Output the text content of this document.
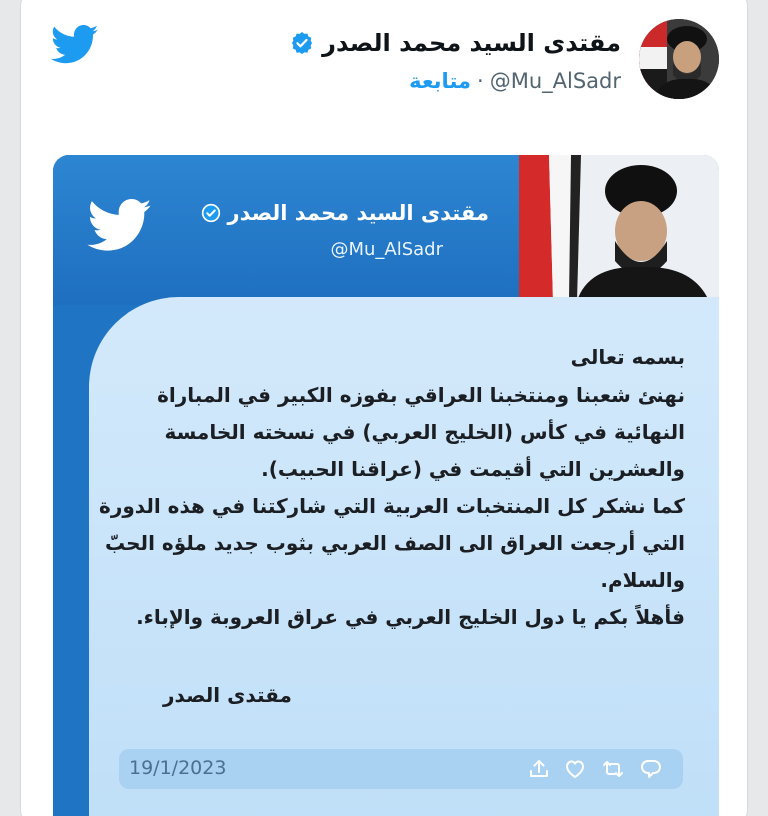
مقتدى السيد محمد الصدر
متابعة · @Mu_AlSadr
مقتدى السيد محمد الصدر
@Mu_AlSadr
بسمه تعالى
نهنئ شعبنا ومنتخبنا العراقي بفوزه الكبير في المباراة
النهائية في كأس (الخليج العربي) في نسخته الخامسة
والعشرين التي أقيمت في (عراقنا الحبيب).
كما نشكر كل المنتخبات العربية التي شاركتنا في هذه الدورة
التي أرجعت العراق الى الصف العربي بثوب جديد ملؤه الحبّ
والسلام.
فأهلاً بكم يا دول الخليج العربي في عراق العروبة والإباء.
مقتدى الصدر
19/1/2023
